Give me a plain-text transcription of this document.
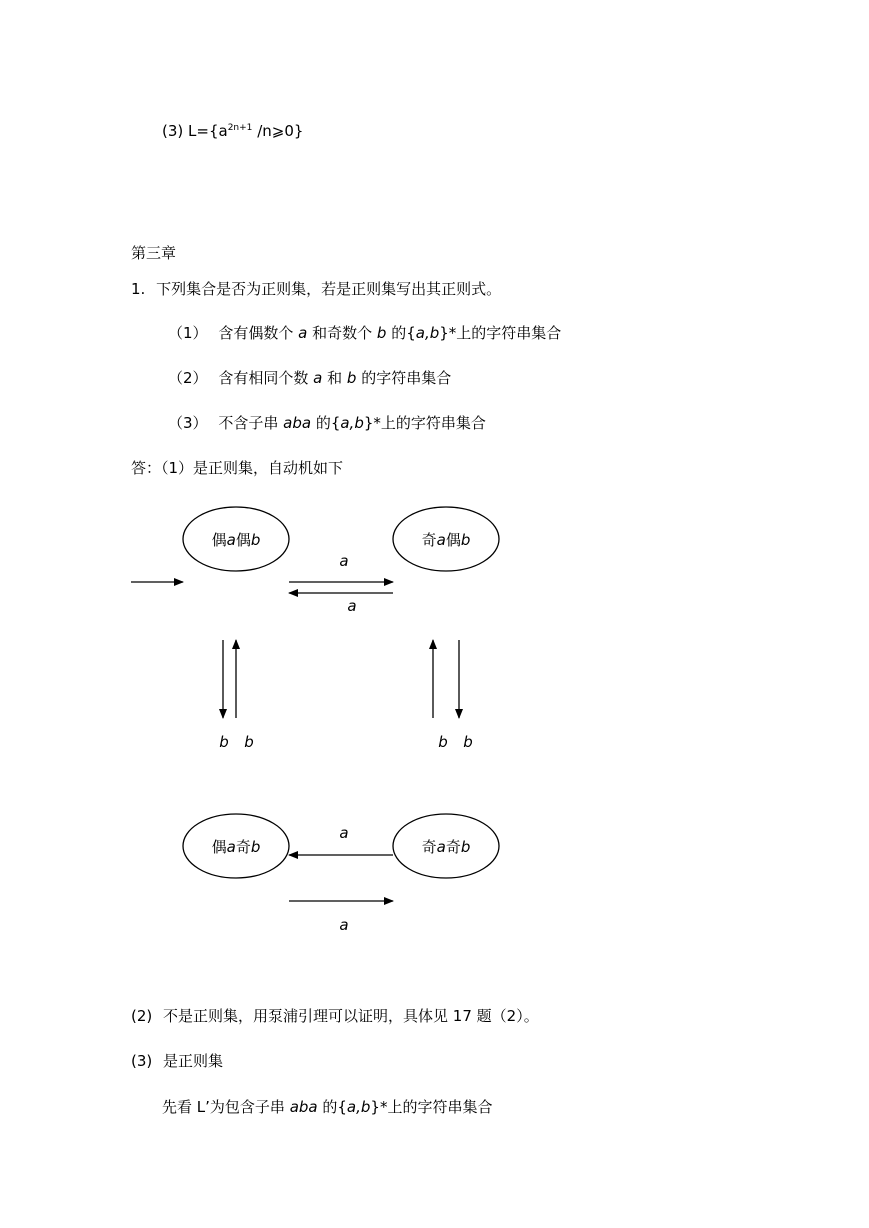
(3) $L=\{a^{2n+1}$ /n⩾0}
第三章
1. 下列集合是否为正则集，若是正则集写出其正则式。
（1） 含有偶数个 a 和奇数个 b 的{a,b}*上的字符串集合
（2） 含有相同个数 a 和 b 的字符串集合
（3） 不含子串 aba 的{a,b}*上的字符串集合
答：（1）是正则集，自动机如下
偶a偶b	奇a偶b
偶a奇b	奇a奇b
a
a
b b	b b
a
a
(2) 不是正则集，用泵浦引理可以证明，具体见 17 题（2）。
(3) 是正则集
先看 L’为包含子串 aba 的{a,b}*上的字符串集合
